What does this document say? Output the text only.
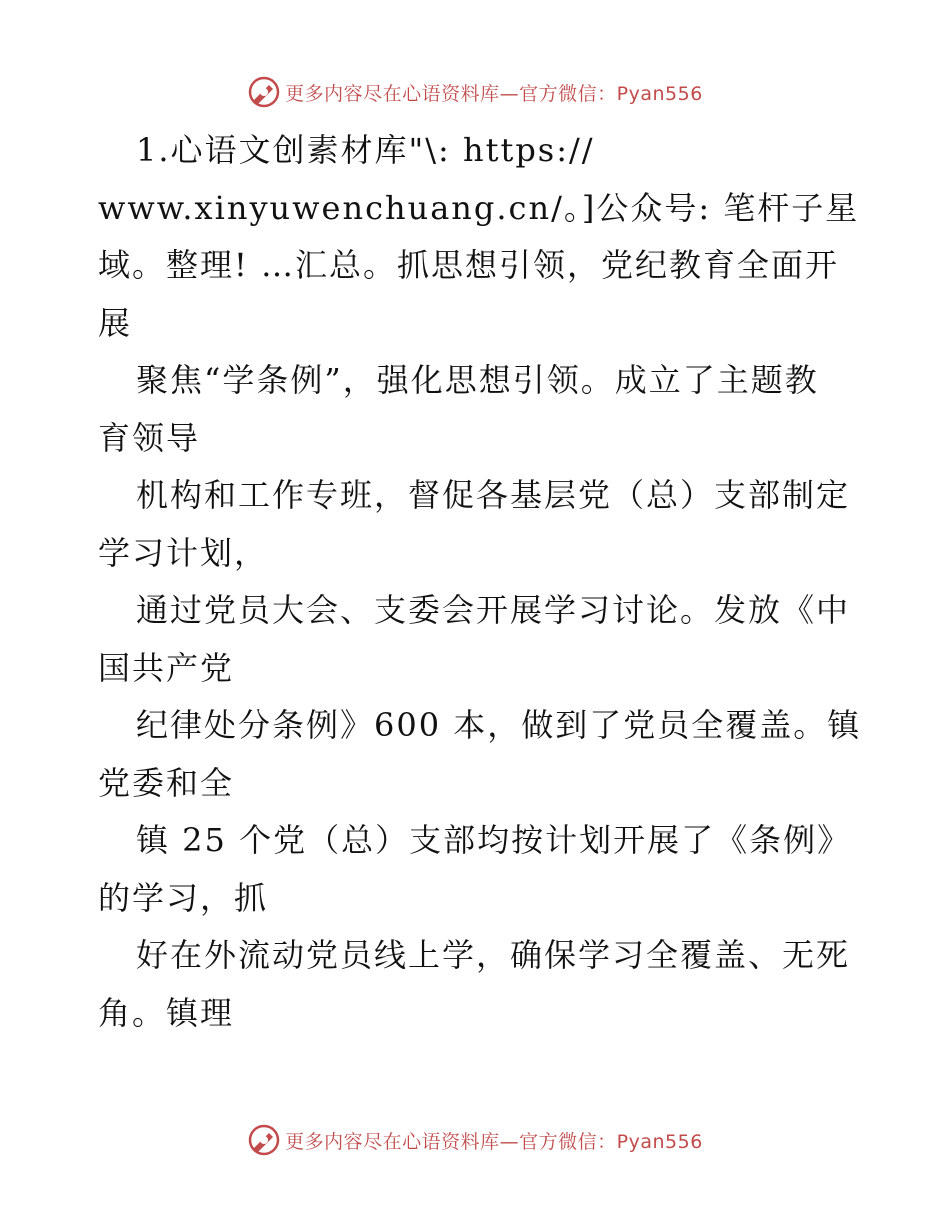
更多内容尽在心语资料库—官方微信：Pyan556
1.心语文创素材库"\: https://
www.xinyuwenchuang.cn/。]公众号: 笔杆子星
域。整理! …汇总。抓思想引领，党纪教育全面开
展
聚焦“学条例”，强化思想引领。成立了主题教
育领导
机构和工作专班，督促各基层党（总）支部制定
学习计划，
通过党员大会、支委会开展学习讨论。发放《中
国共产党
纪律处分条例》600 本，做到了党员全覆盖。镇
党委和全
镇 25 个党（总）支部均按计划开展了《条例》
的学习，抓
好在外流动党员线上学，确保学习全覆盖、无死
角。镇理
更多内容尽在心语资料库—官方微信：Pyan556
